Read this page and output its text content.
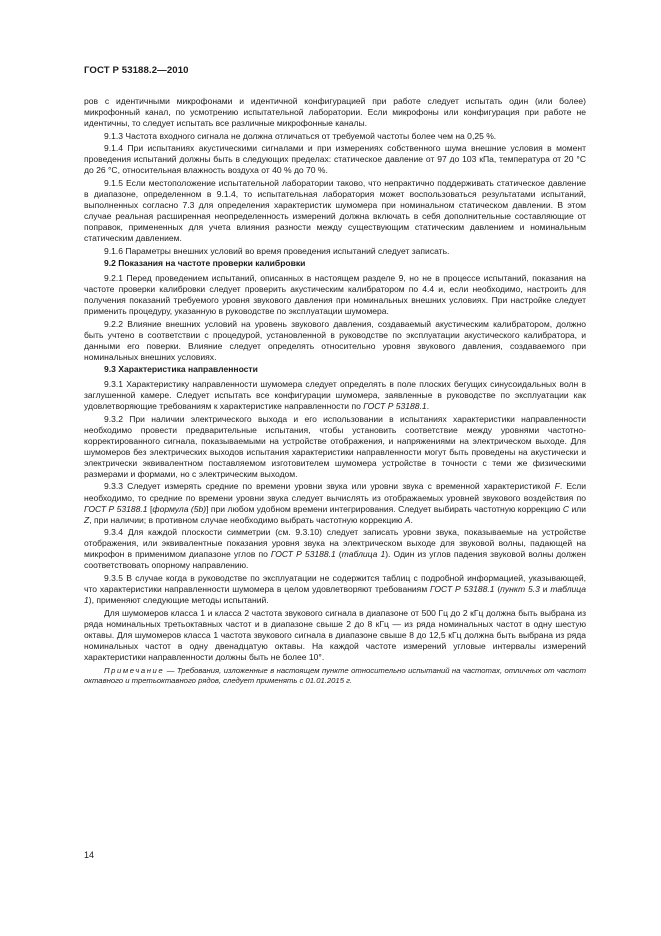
ГОСТ Р 53188.2—2010

ров с идентичными микрофонами и идентичной конфигурацией при работе следует испытать один (или более) микрофонный канал, по усмотрению испытательной лаборатории. Если микрофоны или конфигурация при работе не идентичны, то следует испытать все различные микрофонные каналы.

9.1.3 Частота входного сигнала не должна отличаться от требуемой частоты более чем на 0,25 %.

9.1.4 При испытаниях акустическими сигналами и при измерениях собственного шума внешние условия в момент проведения испытаний должны быть в следующих пределах: статическое давление от 97 до 103 кПа, температура от 20 °С до 26 °С, относительная влажность воздуха от 40 % до 70 %.

9.1.5 Если местоположение испытательной лаборатории таково, что непрактично поддерживать статическое давление в диапазоне, определенном в 9.1.4, то испытательная лаборатория может воспользоваться результатами испытаний, выполненных согласно 7.3 для определения характеристик шумомера при номинальном статическом давлении. В этом случае реальная расширенная неопределенность измерений должна включать в себя дополнительные составляющие от поправок, примененных для учета влияния разности между существующим статическим давлением и номинальным статическим давлением.

9.1.6 Параметры внешних условий во время проведения испытаний следует записать.

9.2 Показания на частоте проверки калибровки

9.2.1 Перед проведением испытаний, описанных в настоящем разделе 9, но не в процессе испытаний, показания на частоте проверки калибровки следует проверить акустическим калибратором по 4.4 и, если необходимо, настроить для получения показаний требуемого уровня звукового давления при номинальных внешних условиях. При настройке следует применить процедуру, указанную в руководстве по эксплуатации шумомера.

9.2.2 Влияние внешних условий на уровень звукового давления, создаваемый акустическим калибратором, должно быть учтено в соответствии с процедурой, установленной в руководстве по эксплуатации акустического калибратора, и данными его поверки. Влияние следует определять относительно уровня звукового давления, создаваемого при номинальных внешних условиях.

9.3 Характеристика направленности

9.3.1 Характеристику направленности шумомера следует определять в поле плоских бегущих синусоидальных волн в заглушенной камере. Следует испытать все конфигурации шумомера, заявленные в руководстве по эксплуатации как удовлетворяющие требованиям к характеристике направленности по ГОСТ Р 53188.1.

9.3.2 При наличии электрического выхода и его использовании в испытаниях характеристики направленности необходимо провести предварительные испытания, чтобы установить соответствие между уровнями частотно-корректированного сигнала, показываемыми на устройстве отображения, и напряжениями на электрическом выходе. Для шумомеров без электрических выходов испытания характеристики направленности могут быть проведены на акустически и электрически эквивалентном поставляемом изготовителем шумомера устройстве в точности с теми же физическими размерами и формами, но с электрическим выходом.

9.3.3 Следует измерять средние по времени уровни звука или уровни звука с временной характеристикой F. Если необходимо, то средние по времени уровни звука следует вычислять из отображаемых уровней звукового воздействия по ГОСТ Р 53188.1 [формула (5b)] при любом удобном времени интегрирования. Следует выбирать частотную коррекцию С или Z, при наличии; в противном случае необходимо выбрать частотную коррекцию А.

9.3.4 Для каждой плоскости симметрии (см. 9.3.10) следует записать уровни звука, показываемые на устройстве отображения, или эквивалентные показания уровня звука на электрическом выходе для звуковой волны, падающей на микрофон в применимом диапазоне углов по ГОСТ Р 53188.1 (таблица 1). Один из углов падения звуковой волны должен соответствовать опорному направлению.

9.3.5 В случае когда в руководстве по эксплуатации не содержится таблиц с подробной информацией, указывающей, что характеристики направленности шумомера в целом удовлетворяют требованиям ГОСТ Р 53188.1 (пункт 5.3 и таблица 1), применяют следующие методы испытаний.

Для шумомеров класса 1 и класса 2 частота звукового сигнала в диапазоне от 500 Гц до 2 кГц должна быть выбрана из ряда номинальных третьоктавных частот и в диапазоне свыше 2 до 8 кГц — из ряда номинальных частот в одну шестую октавы. Для шумомеров класса 1 частота звукового сигнала в диапазоне свыше 8 до 12,5 кГц должна быть выбрана из ряда номинальных частот в одну двенадцатую октавы. На каждой частоте измерений угловые интервалы измерений характеристики направленности должны быть не более 10°.

Примечание — Требования, изложенные в настоящем пункте относительно испытаний на частотах, отличных от частот октавного и третьоктавного рядов, следует применять с 01.01.2015 г.

14
